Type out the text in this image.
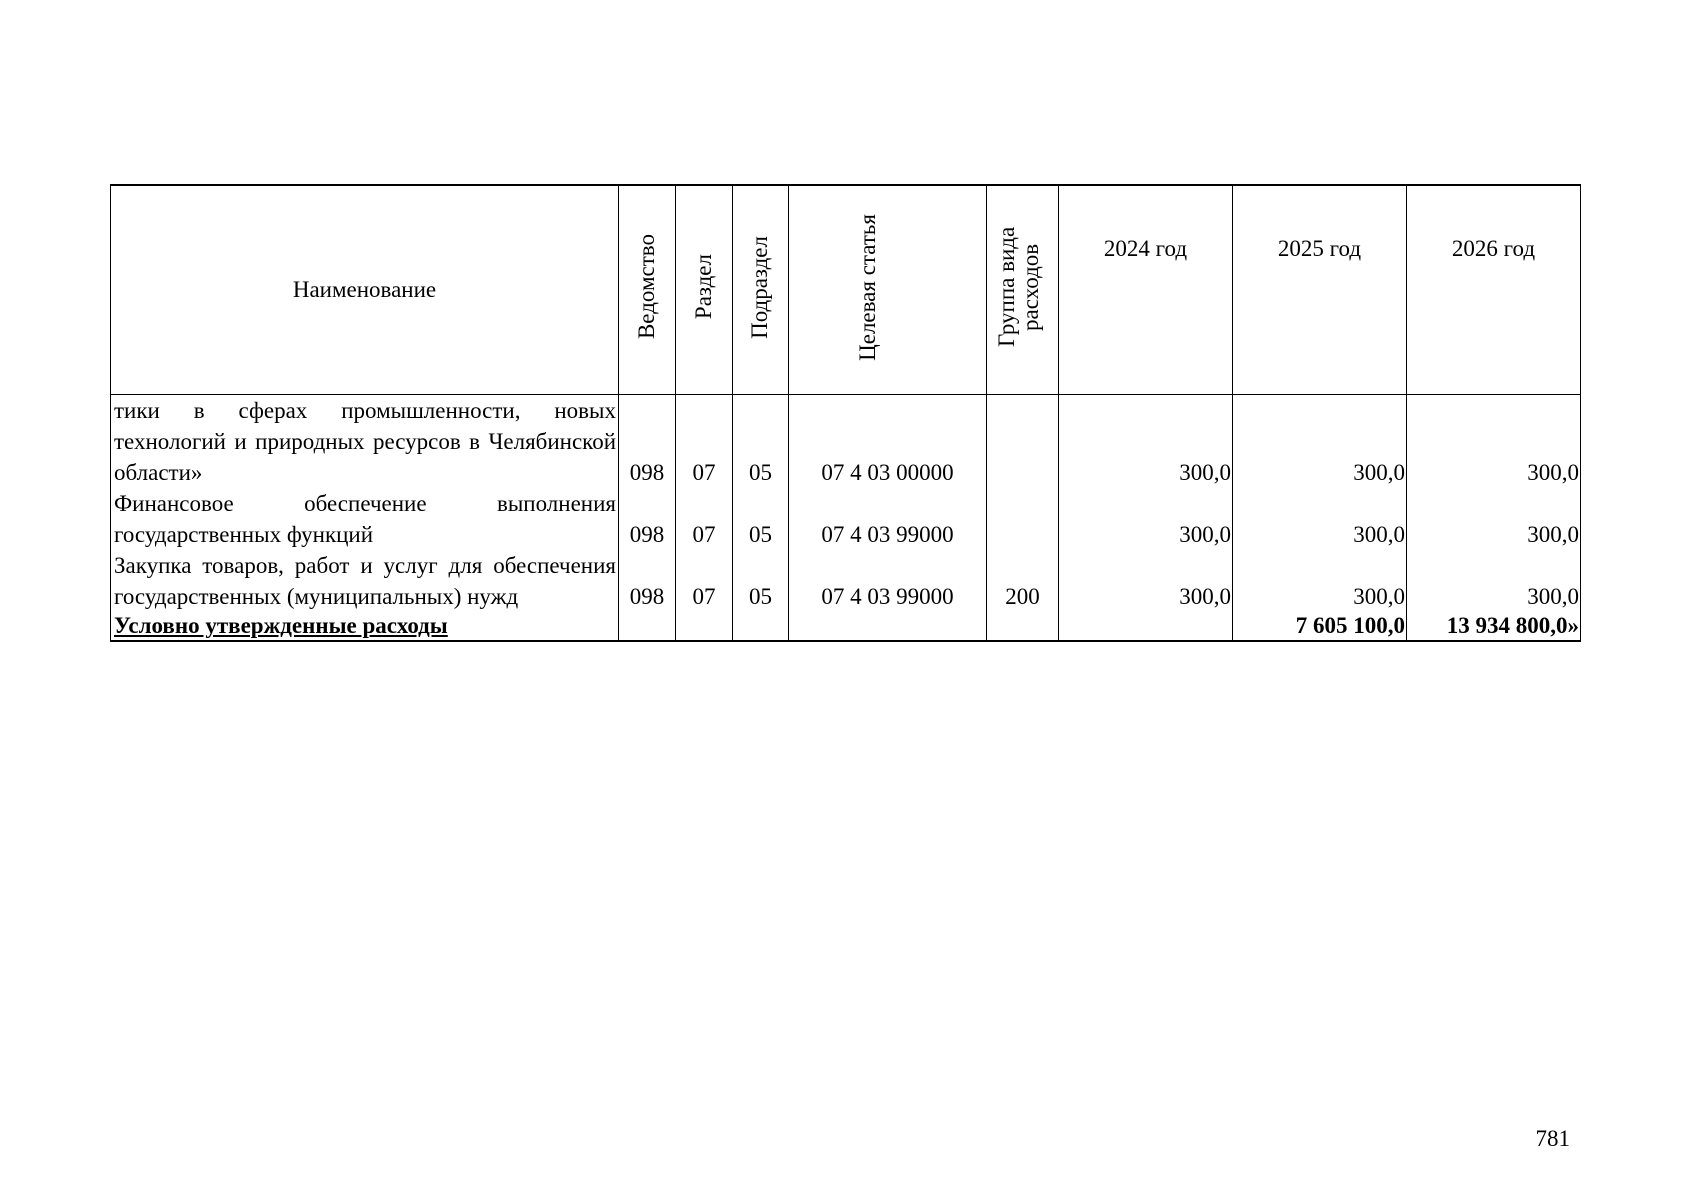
Наименование	Ведомство	Раздел	Подраздел	Целевая статья	Группа вида расходов	2024 год	2025 год	2026 год
тики в сферах промышленности, новых технологий и природных ресурсов в Челябинской области»	098	07	05	07 4 03 00000		300,0	300,0	300,0
Финансовое обеспечение выполнения государственных функций	098	07	05	07 4 03 99000		300,0	300,0	300,0
Закупка товаров, работ и услуг для обеспечения государственных (муниципальных) нужд	098	07	05	07 4 03 99000	200	300,0	300,0	300,0
Условно утвержденные расходы							7 605 100,0	13 934 800,0»
781
